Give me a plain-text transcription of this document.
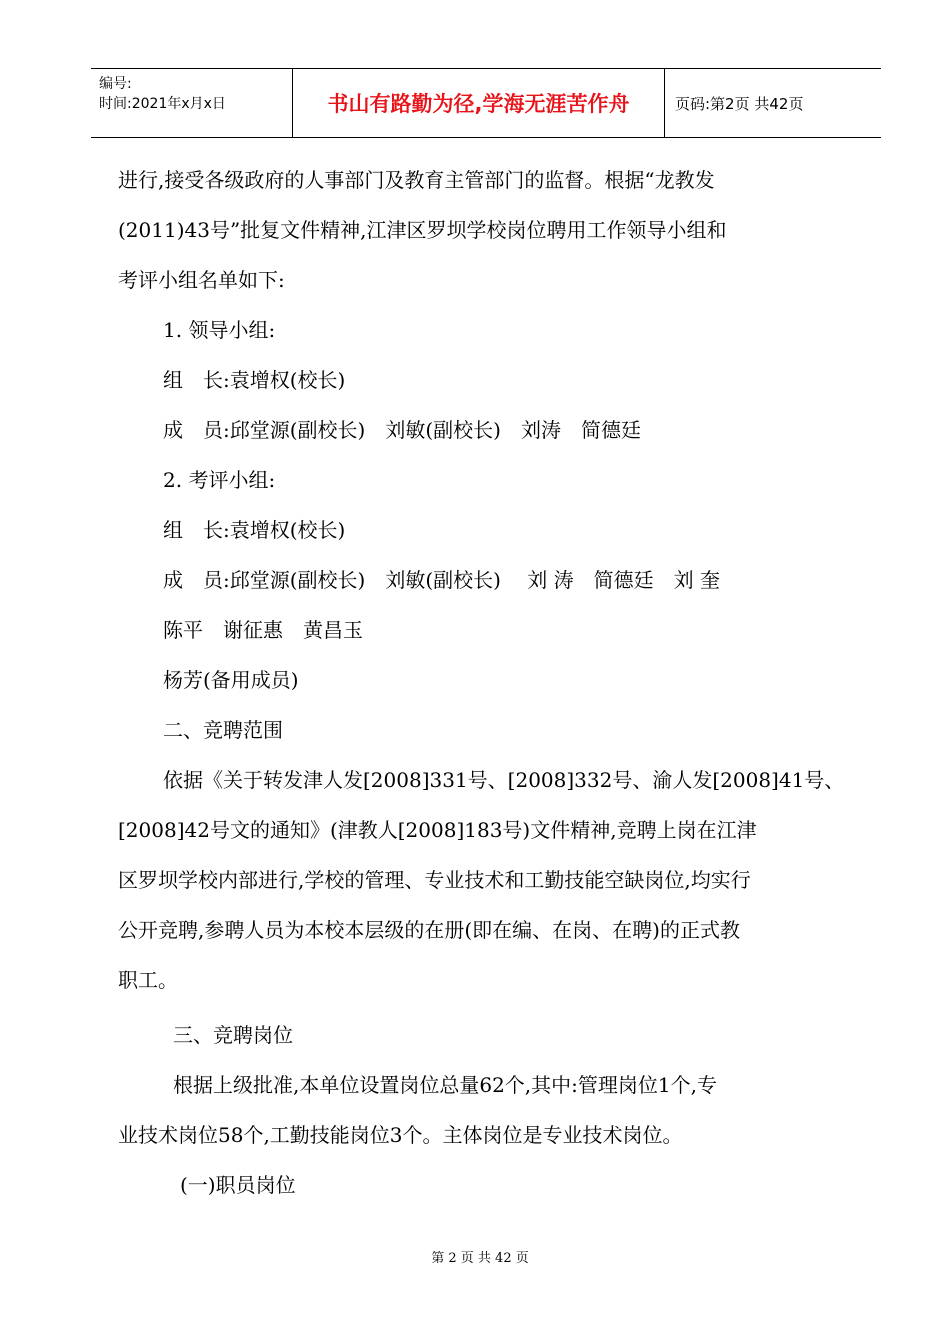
编号:
时间:2021年x月x日	书山有路勤为径,学海无涯苦作舟	页码:第2页 共42页
进行,接受各级政府的人事部门及教育主管部门的监督。根据“龙教发
(2011)43号”批复文件精神,江津区罗坝学校岗位聘用工作领导小组和
考评小组名单如下:
1. 领导小组:
组　长:袁增权(校长)
成　员:邱堂源(副校长)　刘敏(副校长)　刘涛　简德廷
2. 考评小组:
组　长:袁增权(校长)
成　员:邱堂源(副校长)　刘敏(副校长)　 刘 涛　简德廷　刘 奎
陈平　谢征惠　黄昌玉
杨芳(备用成员)
二、竞聘范围
依据《关于转发津人发[2008]331号、[2008]332号、渝人发[2008]41号、
[2008]42号文的通知》(津教人[2008]183号)文件精神,竞聘上岗在江津
区罗坝学校内部进行,学校的管理、专业技术和工勤技能空缺岗位,均实行
公开竞聘,参聘人员为本校本层级的在册(即在编、在岗、在聘)的正式教
职工。
三、竞聘岗位
根据上级批准,本单位设置岗位总量62个,其中:管理岗位1个,专
业技术岗位58个,工勤技能岗位3个。主体岗位是专业技术岗位。
(一)职员岗位
第 2 页 共 42 页
